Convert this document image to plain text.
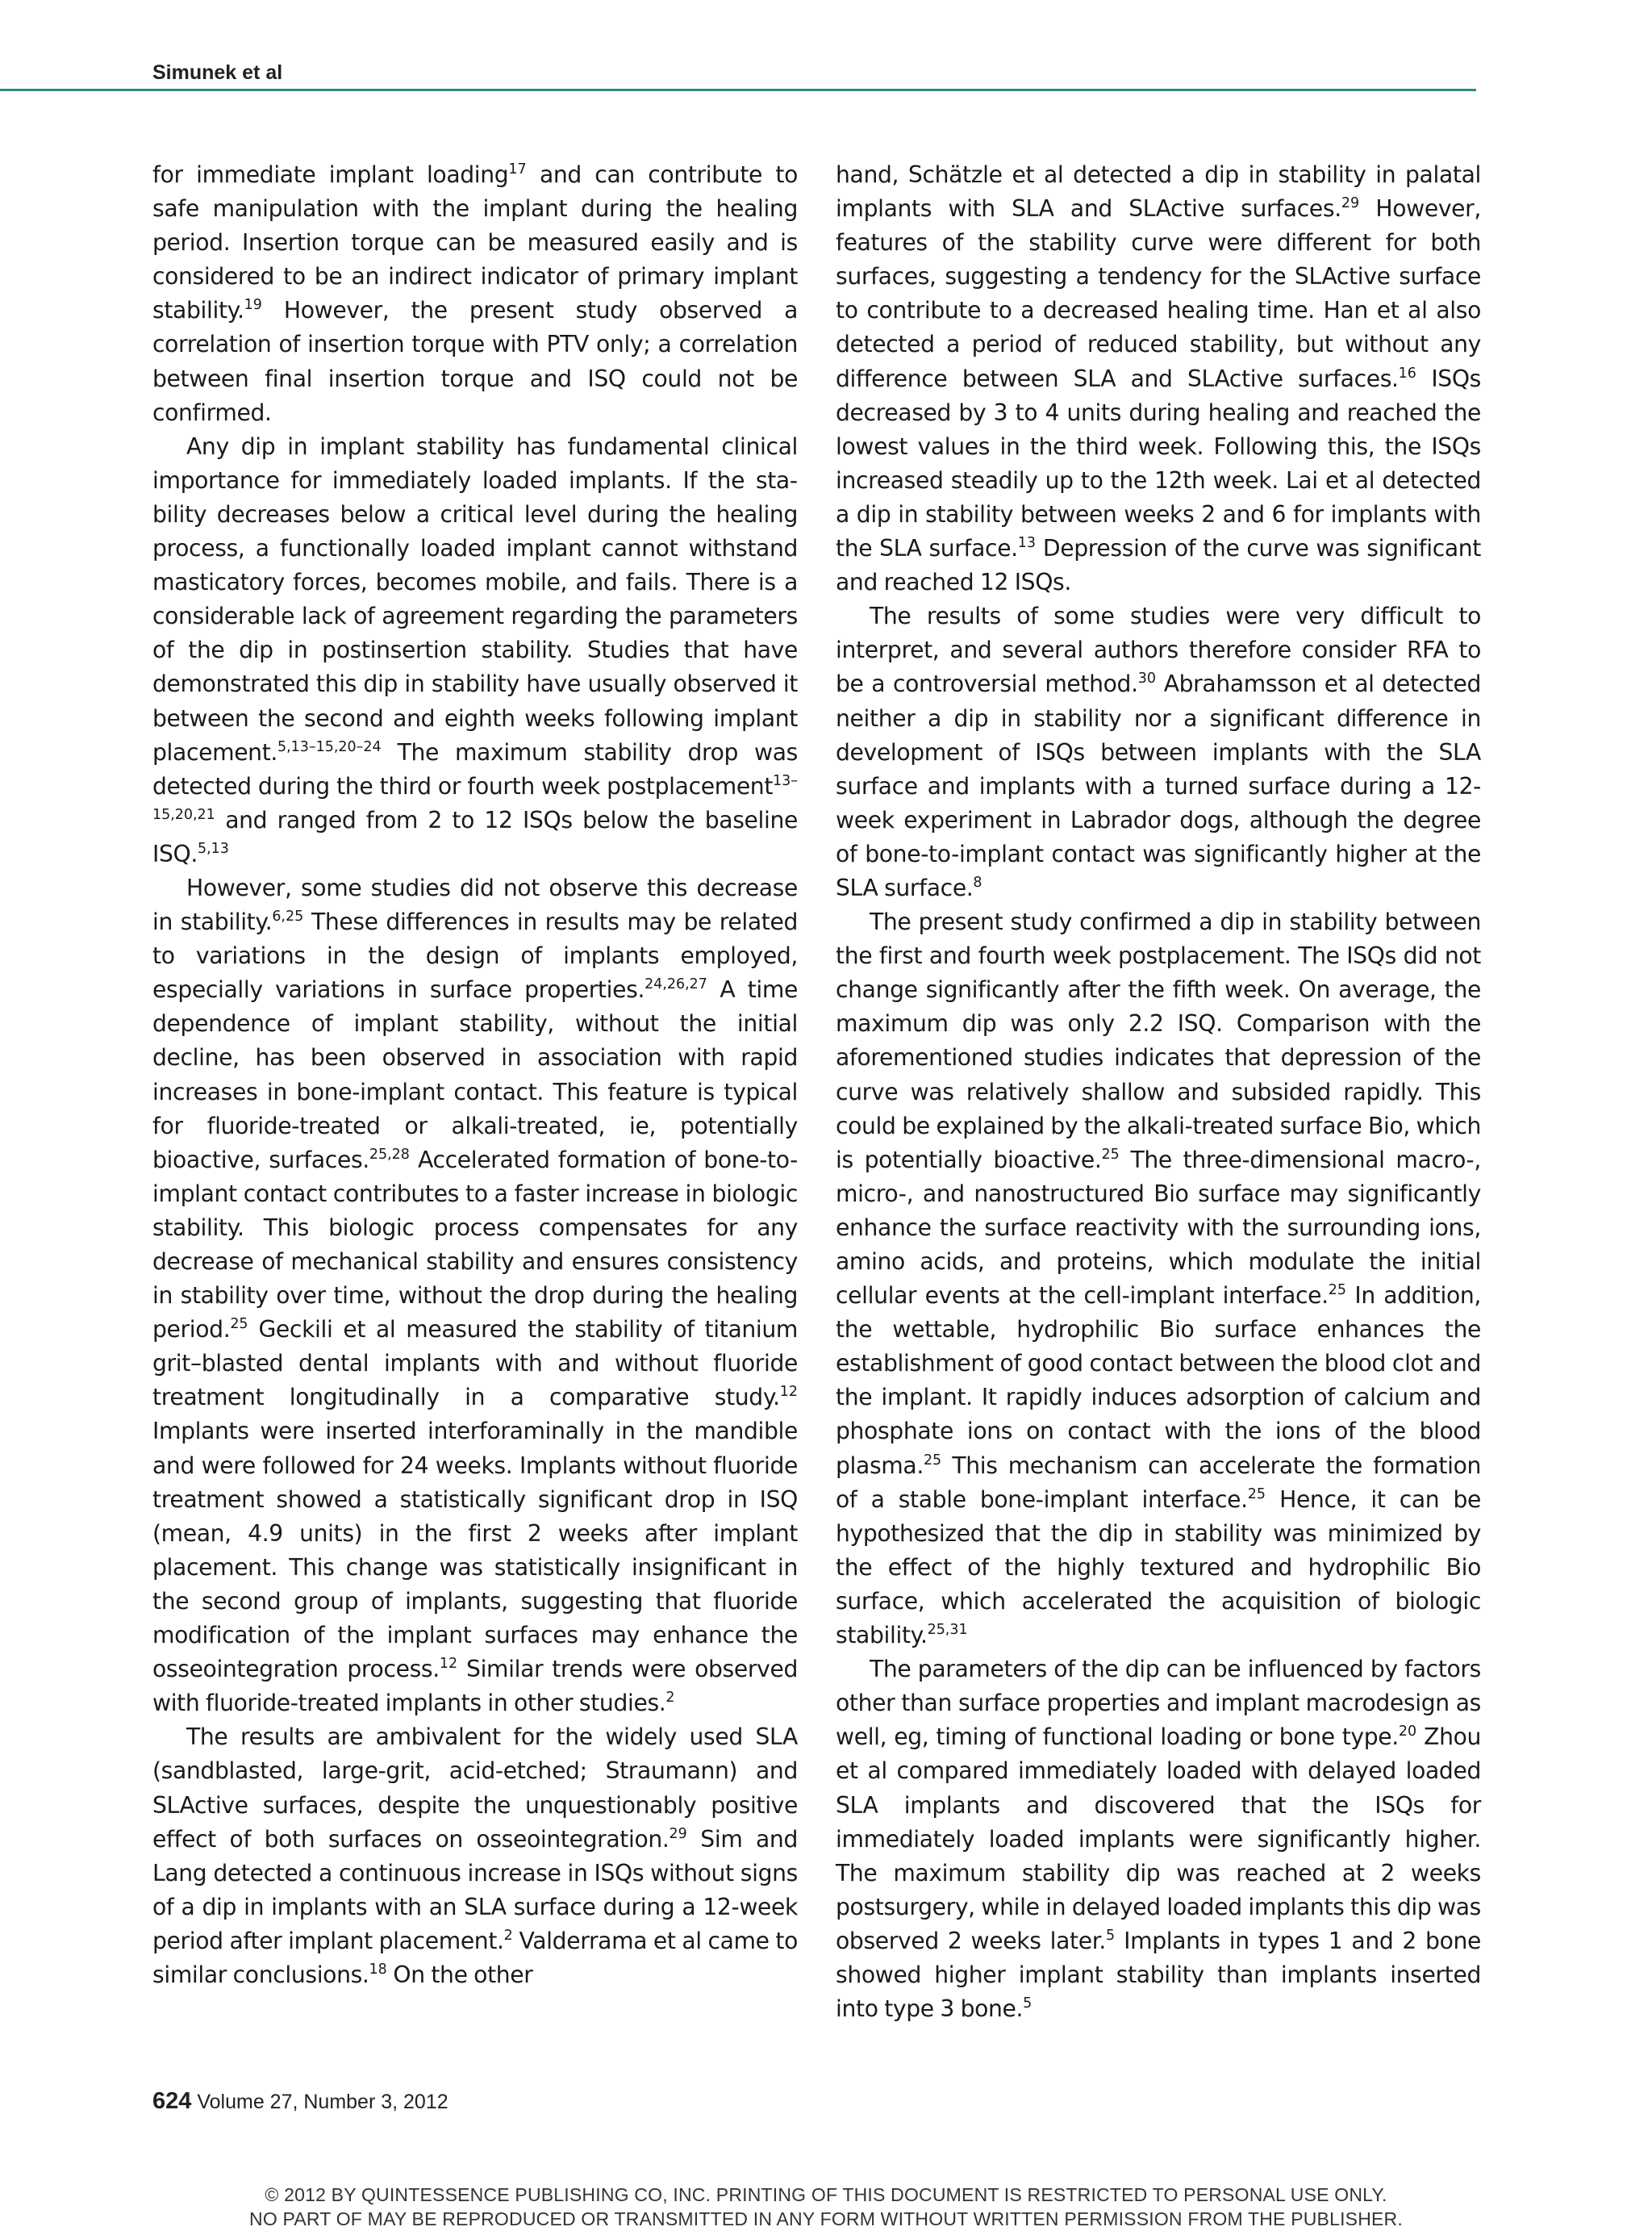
Simunek et al

for immediate implant loading$^{17}$ and can contribute to safe manipulation with the implant during the healing period. Insertion torque can be measured easily and is considered to be an indirect indicator of primary implant stability.$^{19}$ However, the present study observed a correlation of insertion torque with PTV only; a correlation between final insertion torque and ISQ could not be confirmed.

Any dip in implant stability has fundamental clinical importance for immediately loaded implants. If the stability decreases below a critical level during the healing process, a functionally loaded implant cannot withstand masticatory forces, becomes mobile, and fails. There is a considerable lack of agreement regarding the parameters of the dip in postinsertion stability. Studies that have demonstrated this dip in stability have usually observed it between the second and eighth weeks following implant placement.$^{5,13-15,20-24}$ The maximum stability drop was detected during the third or fourth week postplacement$^{13-15,20,21}$ and ranged from 2 to 12 ISQs below the baseline ISQ.$^{5,13}$

However, some studies did not observe this decrease in stability.$^{6,25}$ These differences in results may be related to variations in the design of implants employed, especially variations in surface properties.$^{24,26,27}$ A time dependence of implant stability, without the initial decline, has been observed in association with rapid increases in bone-implant contact. This feature is typical for fluoride-treated or alkali-treated, ie, potentially bioactive, surfaces.$^{25,28}$ Accelerated formation of bone-to-implant contact contributes to a faster increase in biologic stability. This biologic process compensates for any decrease of mechanical stability and ensures consistency in stability over time, without the drop during the healing period.$^{25}$ Geckili et al measured the stability of titanium grit–blasted dental implants with and without fluoride treatment longitudinally in a comparative study.$^{12}$ Implants were inserted interforaminally in the mandible and were followed for 24 weeks. Implants without fluoride treatment showed a statistically significant drop in ISQ (mean, 4.9 units) in the first 2 weeks after implant placement. This change was statistically insignificant in the second group of implants, suggesting that fluoride modification of the implant surfaces may enhance the osseointegration process.$^{12}$ Similar trends were observed with fluoride-treated implants in other studies.$^2$

The results are ambivalent for the widely used SLA (sandblasted, large-grit, acid-etched; Straumann) and SLActive surfaces, despite the unquestionably positive effect of both surfaces on osseointegration.$^{29}$ Sim and Lang detected a continuous increase in ISQs without signs of a dip in implants with an SLA surface during a 12-week period after implant placement.$^2$ Valderrama et al came to similar conclusions.$^{18}$ On the other

hand, Schätzle et al detected a dip in stability in palatal implants with SLA and SLActive surfaces.$^{29}$ However, features of the stability curve were different for both surfaces, suggesting a tendency for the SLActive surface to contribute to a decreased healing time. Han et al also detected a period of reduced stability, but without any difference between SLA and SLActive surfaces.$^{16}$ ISQs decreased by 3 to 4 units during healing and reached the lowest values in the third week. Following this, the ISQs increased steadily up to the 12th week. Lai et al detected a dip in stability between weeks 2 and 6 for implants with the SLA surface.$^{13}$ Depression of the curve was significant and reached 12 ISQs.

The results of some studies were very difficult to interpret, and several authors therefore consider RFA to be a controversial method.$^{30}$ Abrahamsson et al detected neither a dip in stability nor a significant difference in development of ISQs between implants with the SLA surface and implants with a turned surface during a 12-week experiment in Labrador dogs, although the degree of bone-to-implant contact was significantly higher at the SLA surface.$^8$

The present study confirmed a dip in stability between the first and fourth week postplacement. The ISQs did not change significantly after the fifth week. On average, the maximum dip was only 2.2 ISQ. Comparison with the aforementioned studies indicates that depression of the curve was relatively shallow and subsided rapidly. This could be explained by the alkali-treated surface Bio, which is potentially bioactive.$^{25}$ The three-dimensional macro-, micro-, and nanostructured Bio surface may significantly enhance the surface reactivity with the surrounding ions, amino acids, and proteins, which modulate the initial cellular events at the cell-implant interface.$^{25}$ In addition, the wettable, hydrophilic Bio surface enhances the establishment of good contact between the blood clot and the implant. It rapidly induces adsorption of calcium and phosphate ions on contact with the ions of the blood plasma.$^{25}$ This mechanism can accelerate the formation of a stable bone-implant interface.$^{25}$ Hence, it can be hypothesized that the dip in stability was minimized by the effect of the highly textured and hydrophilic Bio surface, which accelerated the acquisition of biologic stability.$^{25,31}$

The parameters of the dip can be influenced by factors other than surface properties and implant macrodesign as well, eg, timing of functional loading or bone type.$^{20}$ Zhou et al compared immediately loaded with delayed loaded SLA implants and discovered that the ISQs for immediately loaded implants were significantly higher. The maximum stability dip was reached at 2 weeks postsurgery, while in delayed loaded implants this dip was observed 2 weeks later.$^5$ Implants in types 1 and 2 bone showed higher implant stability than implants inserted into type 3 bone.$^5$

624 Volume 27, Number 3, 2012
© 2012 BY QUINTESSENCE PUBLISHING CO, INC. PRINTING OF THIS DOCUMENT IS RESTRICTED TO PERSONAL USE ONLY.
NO PART OF MAY BE REPRODUCED OR TRANSMITTED IN ANY FORM WITHOUT WRITTEN PERMISSION FROM THE PUBLISHER.
